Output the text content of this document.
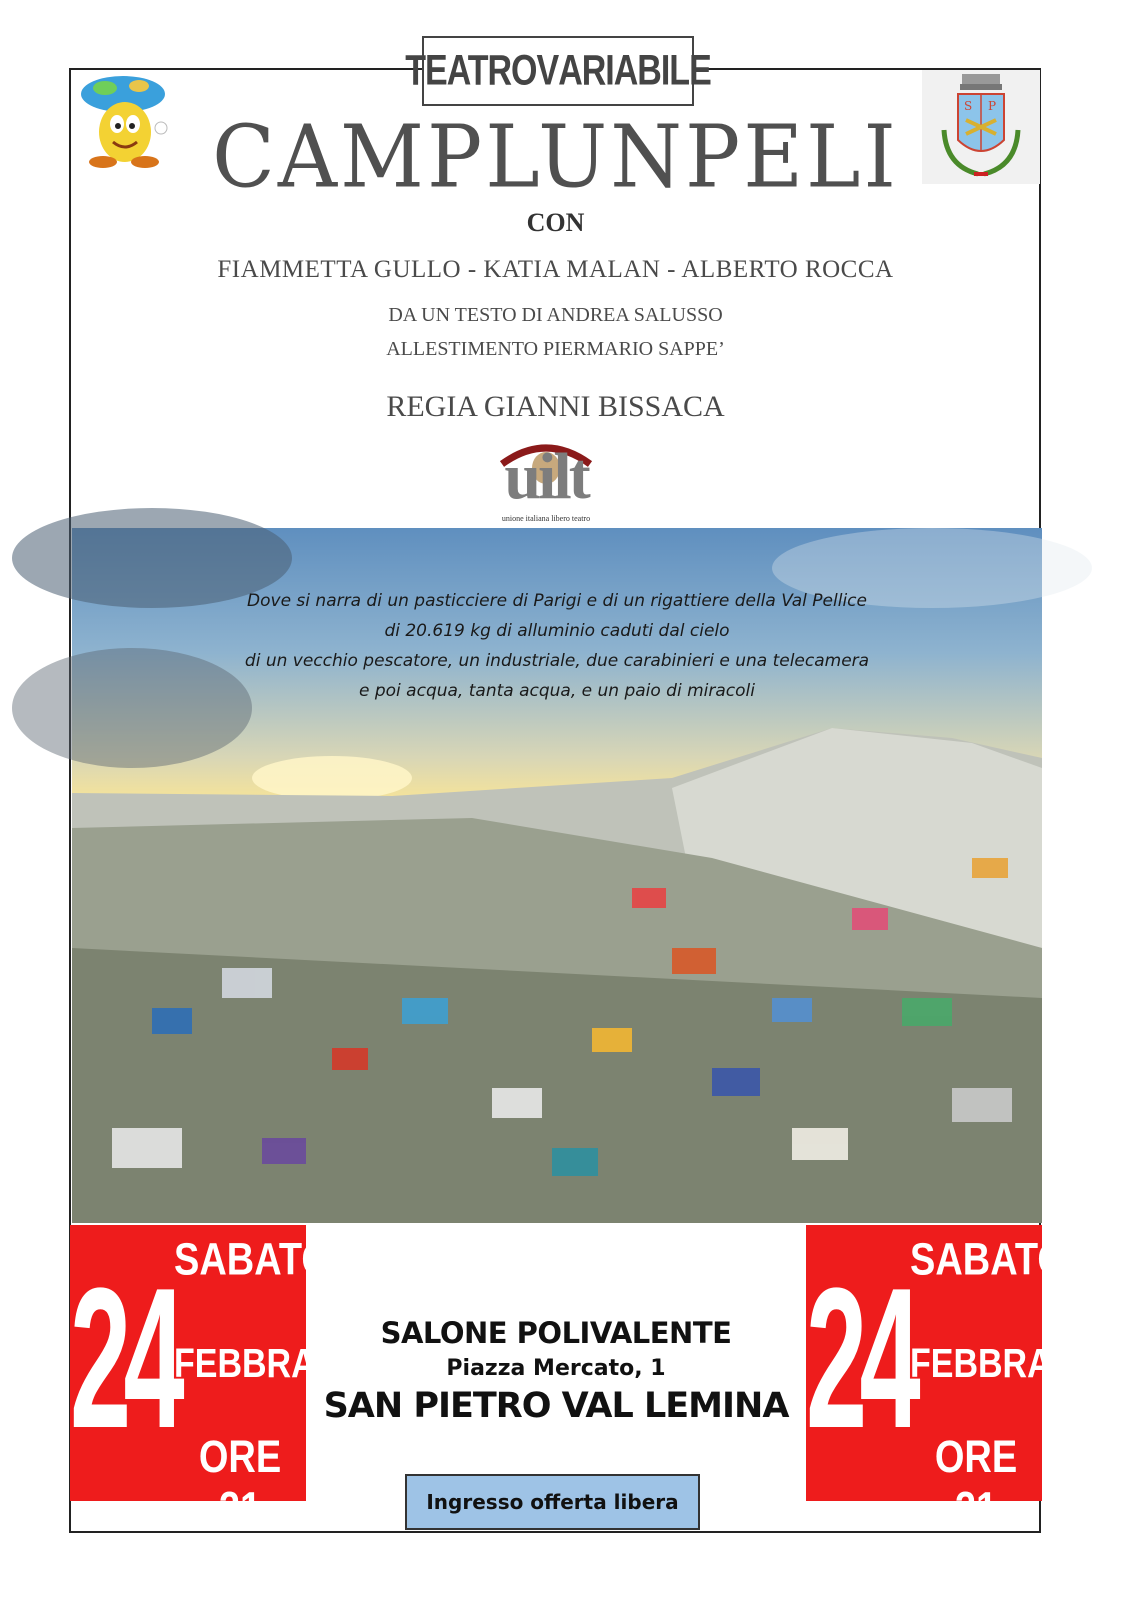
TEATRO V ARIABILE
S P
CAMPLUNPELI
CON
FIAMMETTA GULLO - KATIA MALAN - ALBERTO ROCCA
DA UN TESTO DI ANDREA SALUSSO
ALLESTIMENTO PIERMARIO SAPPE’
REGIA GIANNI BISSACA
uilt
unione italiana libero teatro
Dove si narra di un pasticciere di Parigi e di un rigattiere della Val Pellice
di 20.619 kg di alluminio caduti dal cielo
di un vecchio pescatore, un industriale, due carabinieri e una telecamera
e poi acqua, tanta acqua, e un paio di miracoli
24
SABATO
FEBBRAIO
ORE 21
24
SABATO
FEBBRAIO
ORE 21
SALONE POLIVALENTE
Piazza Mercato, 1
SAN PIETRO VAL LEMINA
Ingresso offerta libera
